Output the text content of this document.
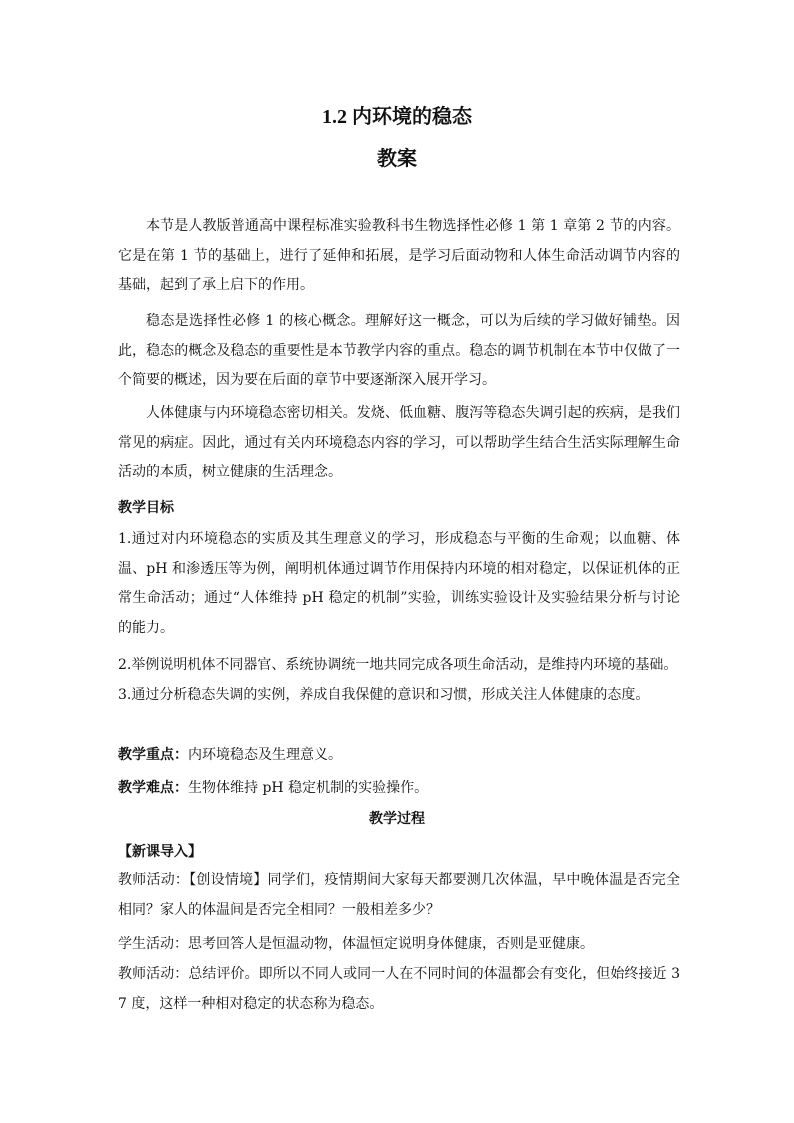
1.2 内环境的稳态
教案
本节是人教版普通高中课程标准实验教科书生物选择性必修 1 第 1 章第 2 节的内容。它是在第 1 节的基础上，进行了延伸和拓展，是学习后面动物和人体生命活动调节内容的基础，起到了承上启下的作用。
稳态是选择性必修 1 的核心概念。理解好这一概念，可以为后续的学习做好铺垫。因此，稳态的概念及稳态的重要性是本节教学内容的重点。稳态的调节机制在本节中仅做了一个简要的概述，因为要在后面的章节中要逐渐深入展开学习。
人体健康与内环境稳态密切相关。发烧、低血糖、腹泻等稳态失调引起的疾病，是我们常见的病症。因此，通过有关内环境稳态内容的学习，可以帮助学生结合生活实际理解生命活动的本质，树立健康的生活理念。
教学目标
1.通过对内环境稳态的实质及其生理意义的学习，形成稳态与平衡的生命观；以血糖、体温、pH 和渗透压等为例，阐明机体通过调节作用保持内环境的相对稳定，以保证机体的正常生命活动；通过“人体维持 pH 稳定的机制”实验，训练实验设计及实验结果分析与讨论的能力。
2.举例说明机体不同器官、系统协调统一地共同完成各项生命活动，是维持内环境的基础。
3.通过分析稳态失调的实例，养成自我保健的意识和习惯，形成关注人体健康的态度。
教学重点：内环境稳态及生理意义。
教学难点：生物体维持 pH 稳定机制的实验操作。
教学过程
【新课导入】
教师活动：【创设情境】同学们，疫情期间大家每天都要测几次体温，早中晚体温是否完全相同？家人的体温间是否完全相同？一般相差多少？
学生活动：思考回答人是恒温动物，体温恒定说明身体健康，否则是亚健康。
教师活动：总结评价。即所以不同人或同一人在不同时间的体温都会有变化，但始终接近 37 度，这样一种相对稳定的状态称为稳态。
